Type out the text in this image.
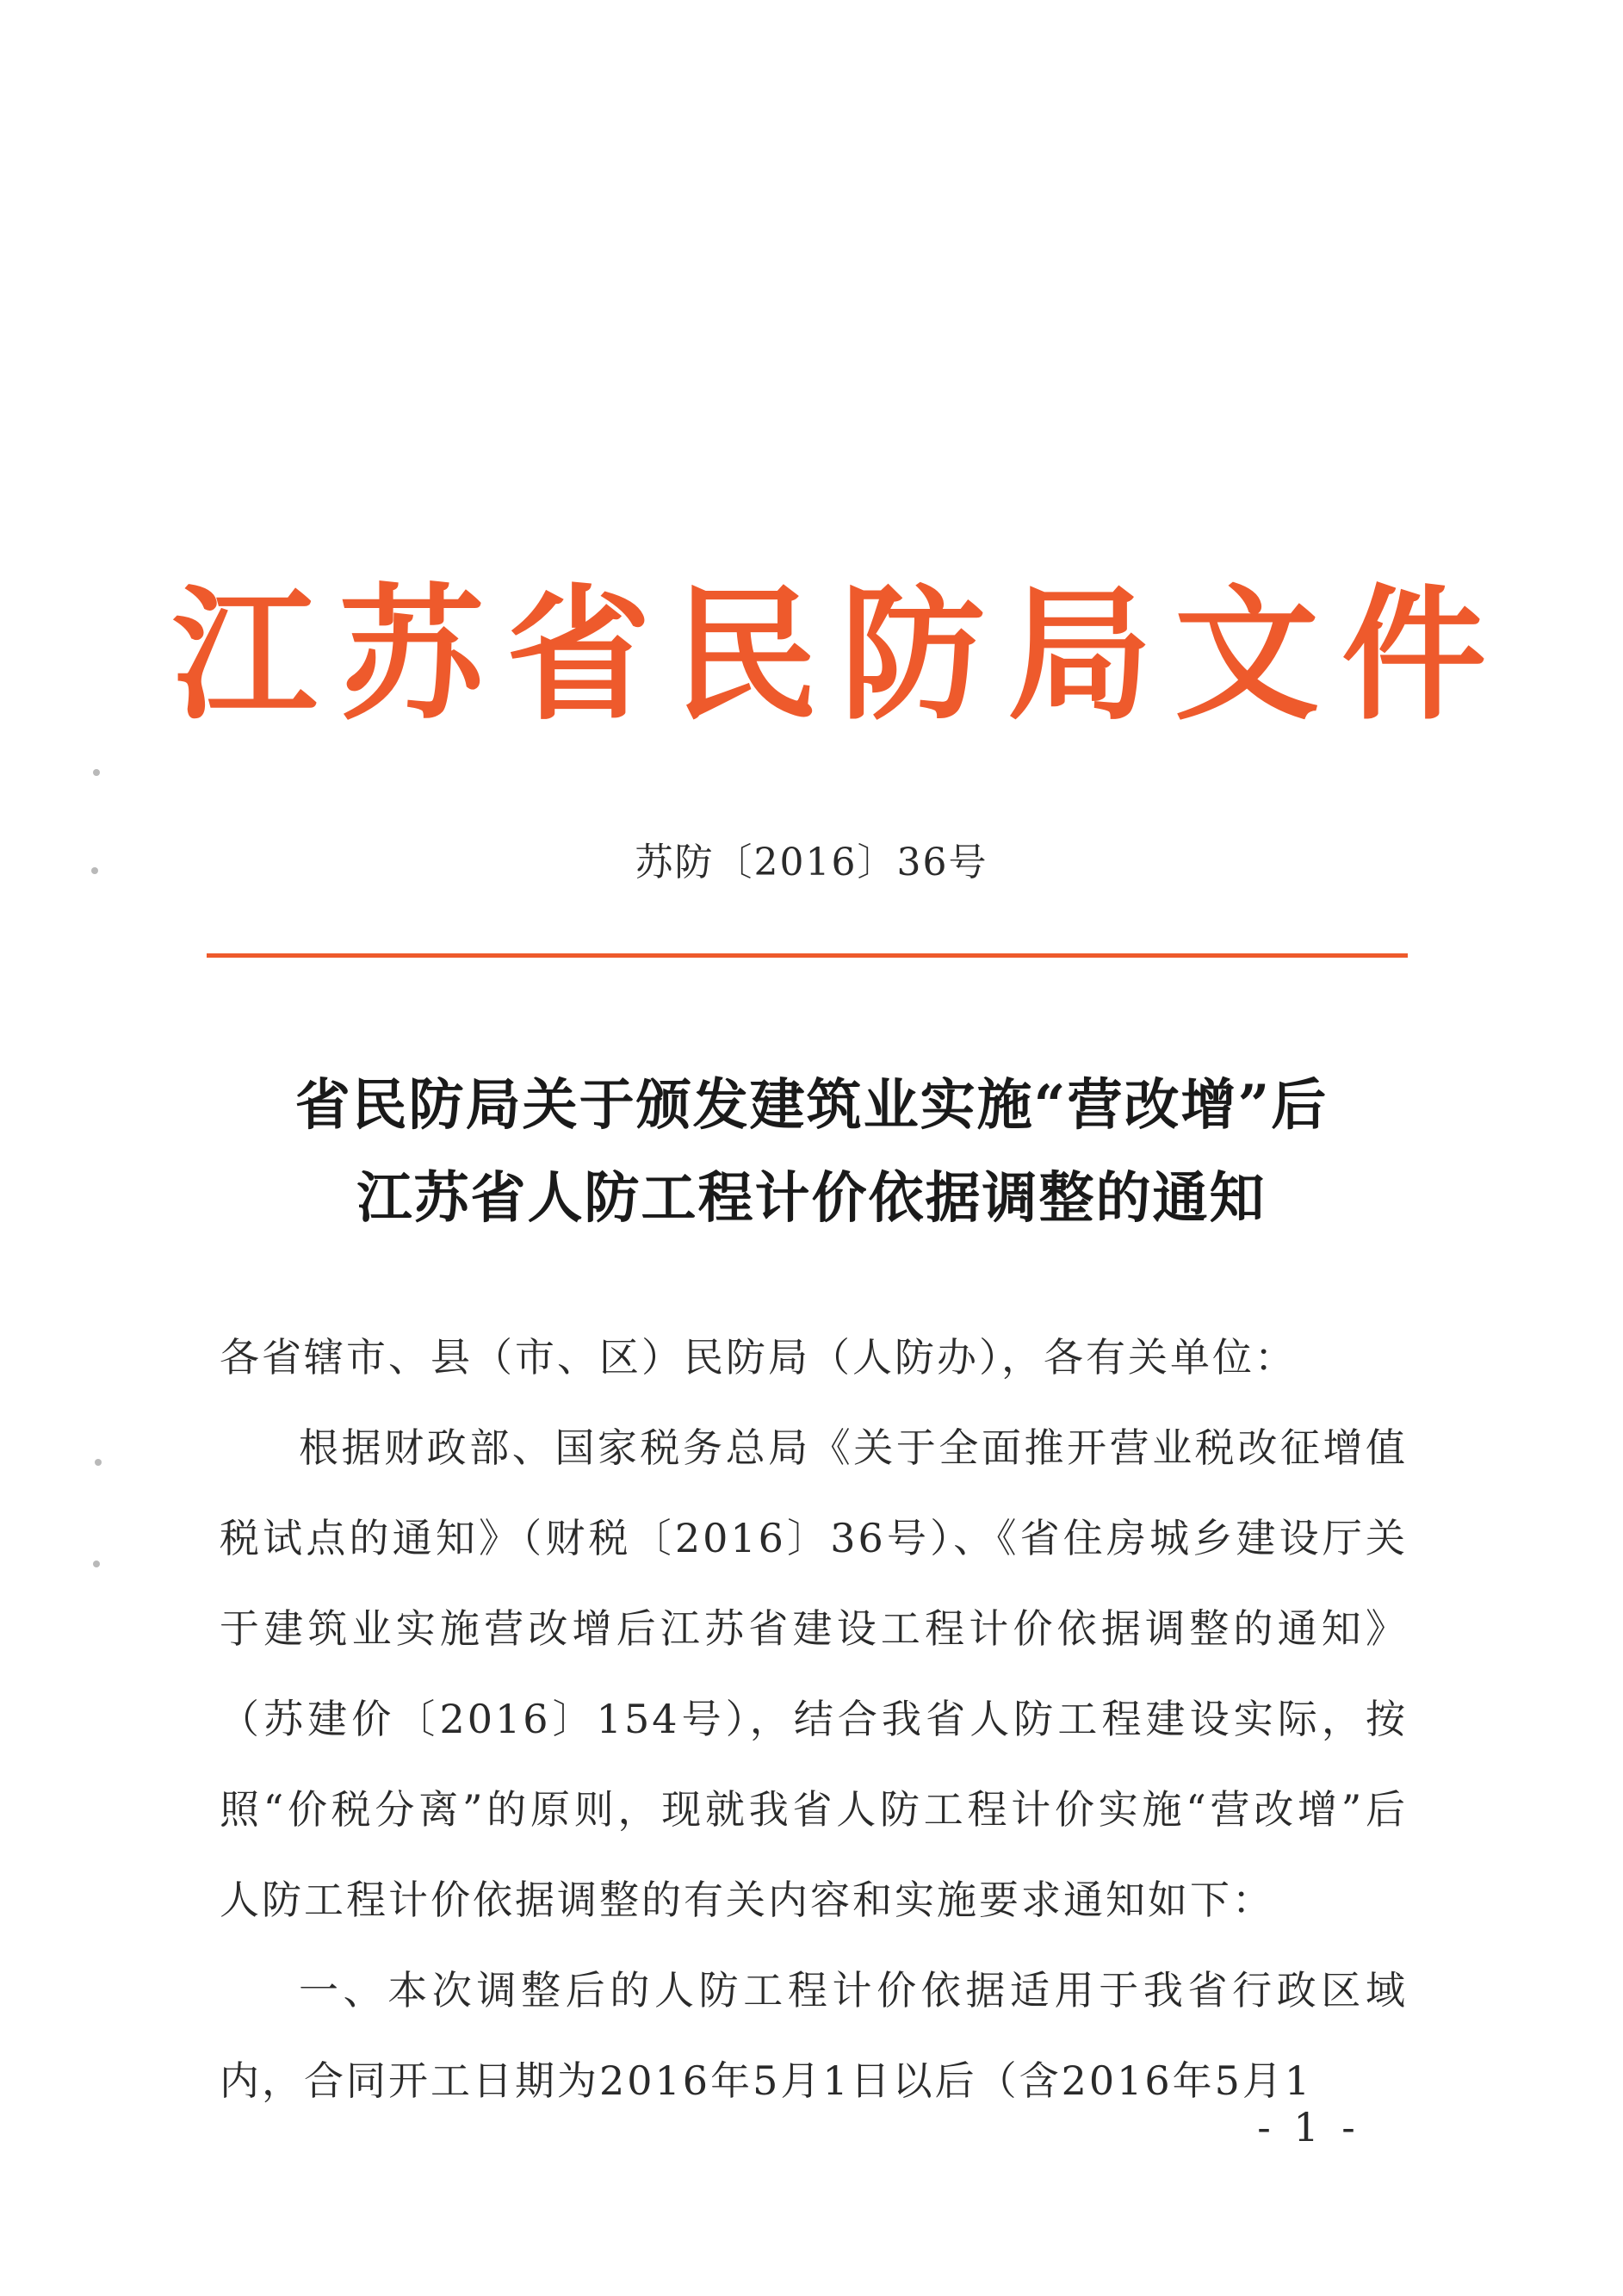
江苏省民防局文件
苏防〔2016〕36号
省民防局关于颁发建筑业实施“营改增”后
江苏省人防工程计价依据调整的通知

各省辖市、县（市、区）民防局（人防办），各有关单位：

根据财政部、国家税务总局《关于全面推开营业税改征增值税试点的通知》（财税〔2016〕36号）、《省住房城乡建设厅关于建筑业实施营改增后江苏省建设工程计价依据调整的通知》（苏建价〔2016〕154号），结合我省人防工程建设实际，按照“价税分离”的原则，现就我省人防工程计价实施“营改增”后人防工程计价依据调整的有关内容和实施要求通知如下：

一、本次调整后的人防工程计价依据适用于我省行政区域内，合同开工日期为2016年5月1日以后（含2016年5月1

- 1 -
